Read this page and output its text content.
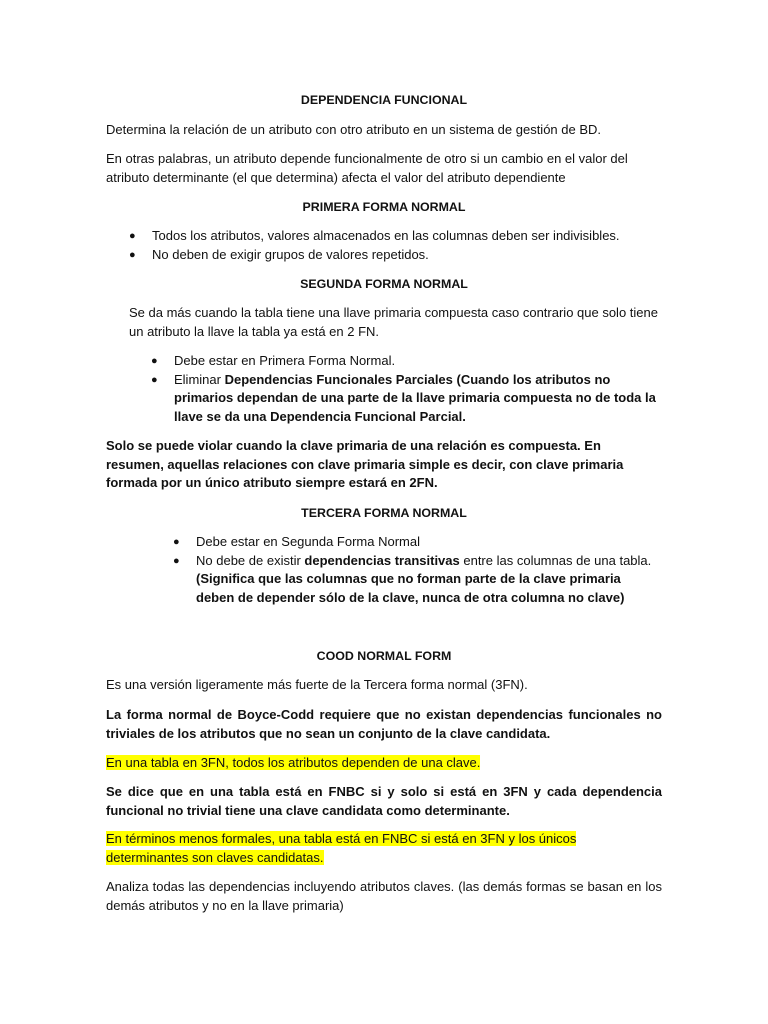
DEPENDENCIA FUNCIONAL

Determina la relación de un atributo con otro atributo en un sistema de gestión de BD.

En otras palabras, un atributo depende funcionalmente de otro si un cambio en el valor del atributo determinante (el que determina) afecta el valor del atributo dependiente

PRIMERA FORMA NORMAL

● Todos los atributos, valores almacenados en las columnas deben ser indivisibles.
● No deben de exigir grupos de valores repetidos.

SEGUNDA FORMA NORMAL

Se da más cuando la tabla tiene una llave primaria compuesta caso contrario que solo tiene un atributo la llave la tabla ya está en 2 FN.

● Debe estar en Primera Forma Normal.
● Eliminar Dependencias Funcionales Parciales (Cuando los atributos no primarios dependan de una parte de la llave primaria compuesta no de toda la llave se da una Dependencia Funcional Parcial.

Solo se puede violar cuando la clave primaria de una relación es compuesta. En resumen, aquellas relaciones con clave primaria simple es decir, con clave primaria formada por un único atributo siempre estará en 2FN.

TERCERA FORMA NORMAL

● Debe estar en Segunda Forma Normal
● No debe de existir dependencias transitivas entre las columnas de una tabla.
(Significa que las columnas que no forman parte de la clave primaria deben de depender sólo de la clave, nunca de otra columna no clave)

COOD NORMAL FORM

Es una versión ligeramente más fuerte de la Tercera forma normal (3FN).

La forma normal de Boyce-Codd requiere que no existan dependencias funcionales no triviales de los atributos que no sean un conjunto de la clave candidata.

En una tabla en 3FN, todos los atributos dependen de una clave.

Se dice que en una tabla está en FNBC si y solo si está en 3FN y cada dependencia funcional no trivial tiene una clave candidata como determinante.

En términos menos formales, una tabla está en FNBC si está en 3FN y los únicos determinantes son claves candidatas.

Analiza todas las dependencias incluyendo atributos claves. (las demás formas se basan en los demás atributos y no en la llave primaria)
